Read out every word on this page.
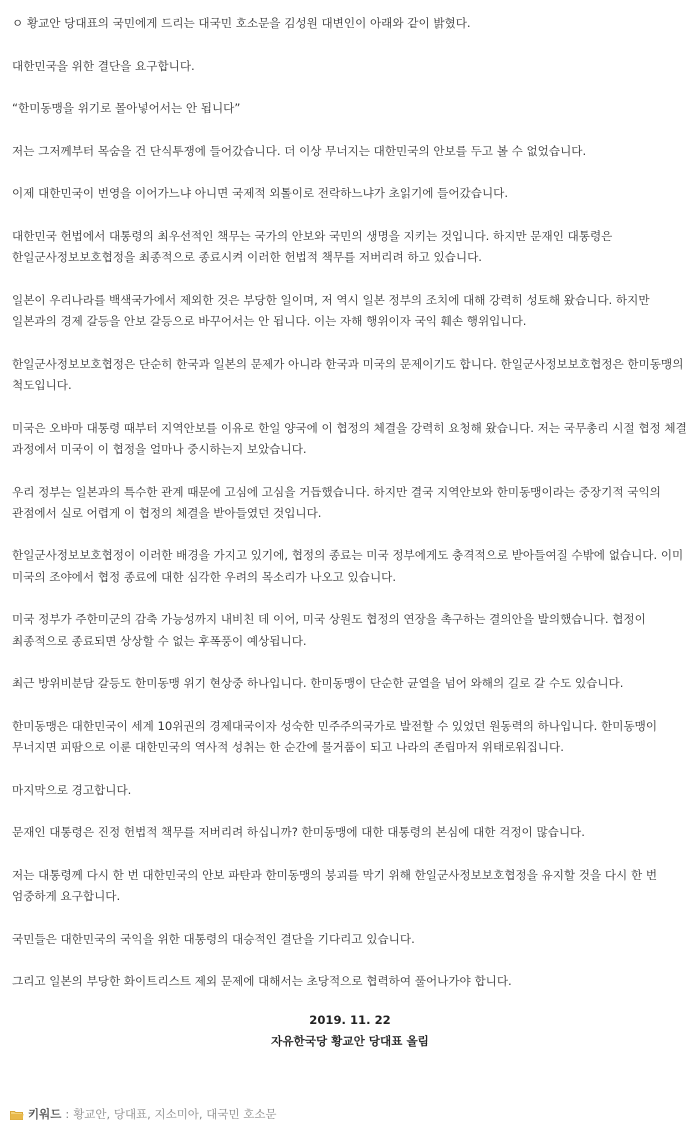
ㅇ 황교안 당대표의 국민에게 드리는 대국민 호소문을 김성원 대변인이 아래와 같이 밝혔다.

대한민국을 위한 결단을 요구합니다.

“한미동맹을 위기로 몰아넣어서는 안 됩니다”

저는 그저께부터 목숨을 건 단식투쟁에 들어갔습니다. 더 이상 무너지는 대한민국의 안보를 두고 볼 수 없었습니다.

이제 대한민국이 번영을 이어가느냐 아니면 국제적 외톨이로 전락하느냐가 초읽기에 들어갔습니다.

대한민국 헌법에서 대통령의 최우선적인 책무는 국가의 안보와 국민의 생명을 지키는 것입니다. 하지만 문재인 대통령은 한일군사정보보호협정을 최종적으로 종료시켜 이러한 헌법적 책무를 저버리려 하고 있습니다.

일본이 우리나라를 백색국가에서 제외한 것은 부당한 일이며, 저 역시 일본 정부의 조치에 대해 강력히 성토해 왔습니다. 하지만 일본과의 경제 갈등을 안보 갈등으로 바꾸어서는 안 됩니다. 이는 자해 행위이자 국익 훼손 행위입니다.

한일군사정보보호협정은 단순히 한국과 일본의 문제가 아니라 한국과 미국의 문제이기도 합니다. 한일군사정보보호협정은 한미동맹의 척도입니다.

미국은 오바마 대통령 때부터 지역안보를 이유로 한일 양국에 이 협정의 체결을 강력히 요청해 왔습니다. 저는 국무총리 시절 협정 체결 과정에서 미국이 이 협정을 얼마나 중시하는지 보았습니다.

우리 정부는 일본과의 특수한 관계 때문에 고심에 고심을 거듭했습니다. 하지만 결국 지역안보와 한미동맹이라는 중장기적 국익의 관점에서 실로 어렵게 이 협정의 체결을 받아들였던 것입니다.

한일군사정보보호협정이 이러한 배경을 가지고 있기에, 협정의 종료는 미국 정부에게도 충격적으로 받아들여질 수밖에 없습니다. 이미 미국의 조야에서 협정 종료에 대한 심각한 우려의 목소리가 나오고 있습니다.

미국 정부가 주한미군의 감축 가능성까지 내비친 데 이어, 미국 상원도 협정의 연장을 촉구하는 결의안을 발의했습니다. 협정이 최종적으로 종료되면 상상할 수 없는 후폭풍이 예상됩니다.

최근 방위비분담 갈등도 한미동맹 위기 현상중 하나입니다. 한미동맹이 단순한 균열을 넘어 와해의 길로 갈 수도 있습니다.

한미동맹은 대한민국이 세계 10위권의 경제대국이자 성숙한 민주주의국가로 발전할 수 있었던 원동력의 하나입니다. 한미동맹이 무너지면 피땀으로 이룬 대한민국의 역사적 성취는 한 순간에 물거품이 되고 나라의 존립마저 위태로워집니다.

마지막으로 경고합니다.

문재인 대통령은 진정 헌법적 책무를 저버리려 하십니까? 한미동맹에 대한 대통령의 본심에 대한 걱정이 많습니다.

저는 대통령께 다시 한 번 대한민국의 안보 파탄과 한미동맹의 붕괴를 막기 위해 한일군사정보보호협정을 유지할 것을 다시 한 번 엄중하게 요구합니다.

국민들은 대한민국의 국익을 위한 대통령의 대승적인 결단을 기다리고 있습니다.

그리고 일본의 부당한 화이트리스트 제외 문제에 대해서는 초당적으로 협력하여 풀어나가야 합니다.

2019. 11. 22
자유한국당 황교안 당대표 올림
키워드 : 황교안, 당대표, 지소미아, 대국민 호소문
